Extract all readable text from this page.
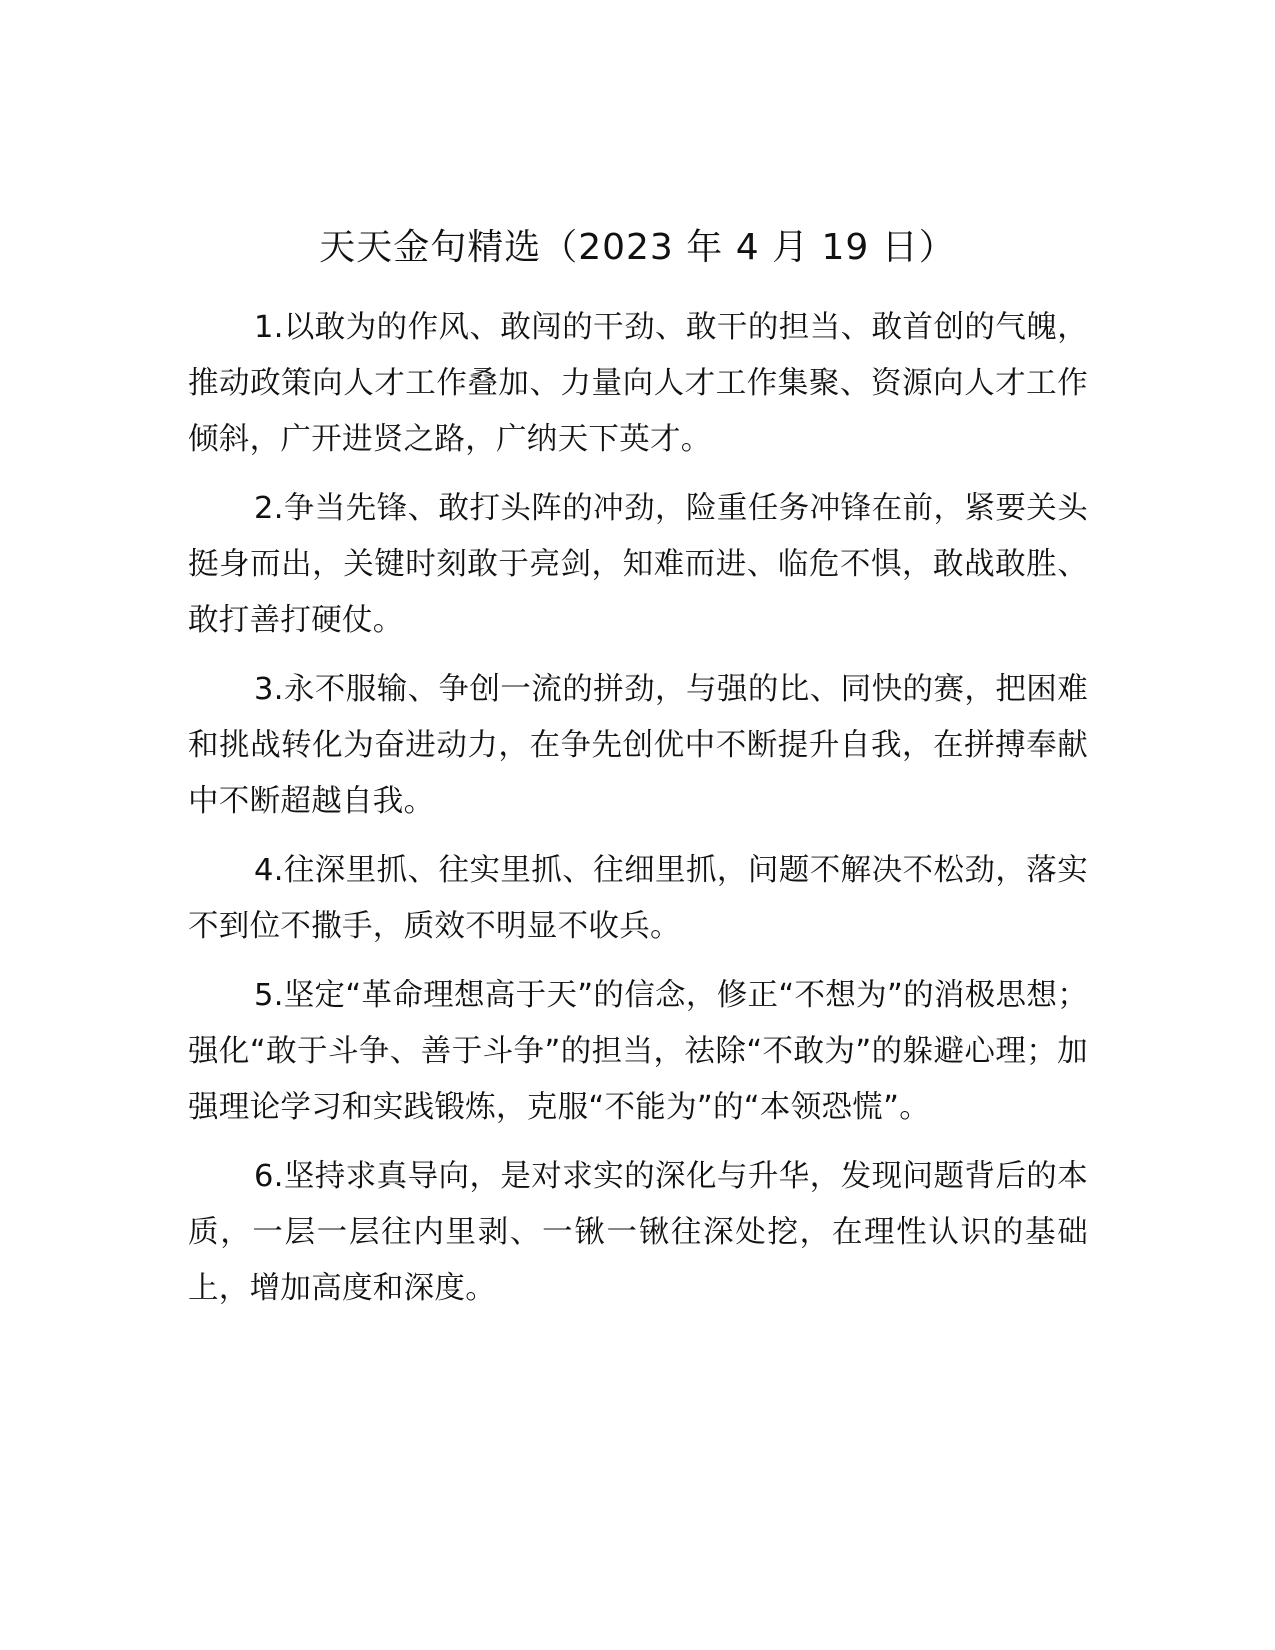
天天金句精选（2023 年 4 月 19 日）

1.以敢为的作风、敢闯的干劲、敢干的担当、敢首创的气魄，推动政策向人才工作叠加、力量向人才工作集聚、资源向人才工作倾斜，广开进贤之路，广纳天下英才。

2.争当先锋、敢打头阵的冲劲，险重任务冲锋在前，紧要关头挺身而出，关键时刻敢于亮剑，知难而进、临危不惧，敢战敢胜、敢打善打硬仗。

3.永不服输、争创一流的拼劲，与强的比、同快的赛，把困难和挑战转化为奋进动力，在争先创优中不断提升自我，在拼搏奉献中不断超越自我。

4.往深里抓、往实里抓、往细里抓，问题不解决不松劲，落实不到位不撒手，质效不明显不收兵。

5.坚定“革命理想高于天”的信念，修正“不想为”的消极思想；强化“敢于斗争、善于斗争”的担当，祛除“不敢为”的躲避心理；加强理论学习和实践锻炼，克服“不能为”的“本领恐慌”。

6.坚持求真导向，是对求实的深化与升华，发现问题背后的本质，一层一层往内里剥、一锹一锹往深处挖，在理性认识的基础上，增加高度和深度。
